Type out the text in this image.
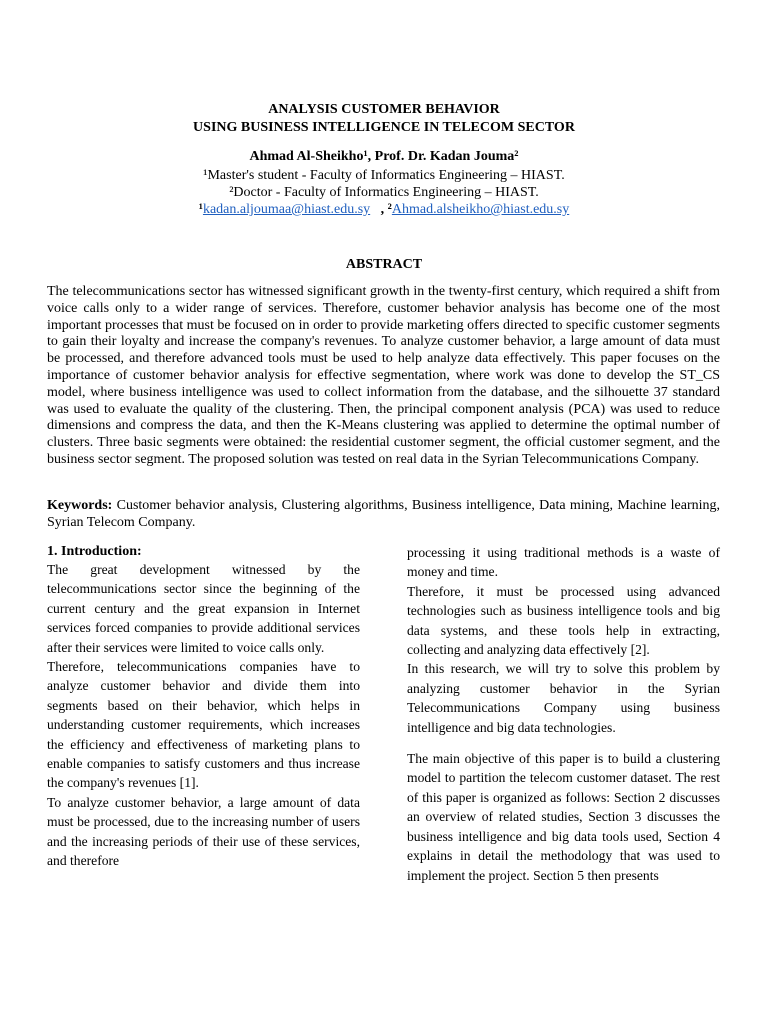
ANALYSIS CUSTOMER BEHAVIOR
USING BUSINESS INTELLIGENCE IN TELECOM SECTOR
Ahmad Al-Sheikho¹, Prof. Dr. Kadan Jouma²
¹Master's student - Faculty of Informatics Engineering – HIAST.
²Doctor - Faculty of Informatics Engineering – HIAST.
¹kadan.aljoumaa@hiast.edu.sy   , ²Ahmad.alsheikho@hiast.edu.sy
ABSTRACT
The telecommunications sector has witnessed significant growth in the twenty-first century, which required a shift from voice calls only to a wider range of services. Therefore, customer behavior analysis has become one of the most important processes that must be focused on in order to provide marketing offers directed to specific customer segments to gain their loyalty and increase the company's revenues. To analyze customer behavior, a large amount of data must be processed, and therefore advanced tools must be used to help analyze data effectively. This paper focuses on the importance of customer behavior analysis for effective segmentation, where work was done to develop the ST_CS model, where business intelligence was used to collect information from the database, and the silhouette 37 standard was used to evaluate the quality of the clustering. Then, the principal component analysis (PCA) was used to reduce dimensions and compress the data, and then the K-Means clustering was applied to determine the optimal number of clusters. Three basic segments were obtained: the residential customer segment, the official customer segment, and the business sector segment. The proposed solution was tested on real data in the Syrian Telecommunications Company.
Keywords: Customer behavior analysis, Clustering algorithms, Business intelligence, Data mining, Machine learning, Syrian Telecom Company.

1. Introduction:

The great development witnessed by the telecommunications sector since the beginning of the current century and the great expansion in Internet services forced companies to provide additional services after their services were limited to voice calls only.

Therefore, telecommunications companies have to analyze customer behavior and divide them into segments based on their behavior, which helps in understanding customer requirements, which increases the efficiency and effectiveness of marketing plans to enable companies to satisfy customers and thus increase the company's revenues [1].

To analyze customer behavior, a large amount of data must be processed, due to the increasing number of users and the increasing periods of their use of these services, and therefore

processing it using traditional methods is a waste of money and time.

Therefore, it must be processed using advanced technologies such as business intelligence tools and big data systems, and these tools help in extracting, collecting and analyzing data effectively [2].

In this research, we will try to solve this problem by analyzing customer behavior in the Syrian Telecommunications Company using business intelligence and big data technologies.

The main objective of this paper is to build a clustering model to partition the telecom customer dataset. The rest of this paper is organized as follows: Section 2 discusses an overview of related studies, Section 3 discusses the business intelligence and big data tools used, Section 4 explains in detail the methodology that was used to implement the project. Section 5 then presents
